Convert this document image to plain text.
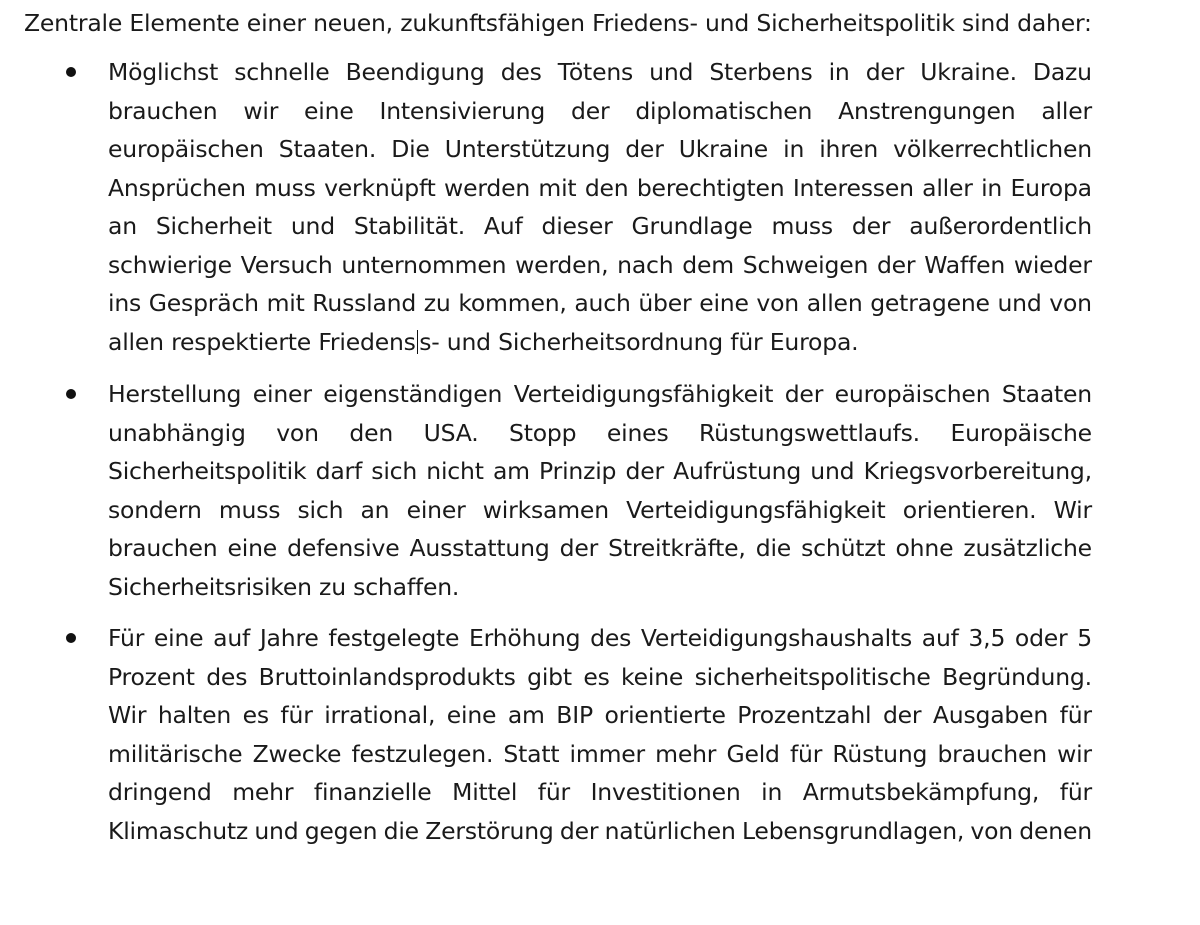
Zentrale Elemente einer neuen, zukunftsfähigen Friedens- und Sicherheitspolitik sind daher:
Möglichst schnelle Beendigung des Tötens und Sterbens in der Ukraine. Dazu
brauchen wir eine Intensivierung der diplomatischen Anstrengungen aller
europäischen Staaten. Die Unterstützung der Ukraine in ihren völkerrechtlichen
Ansprüchen muss verknüpft werden mit den berechtigten Interessen aller in Europa
an Sicherheit und Stabilität. Auf dieser Grundlage muss der außerordentlich
schwierige Versuch unternommen werden, nach dem Schweigen der Waffen wieder
ins Gespräch mit Russland zu kommen, auch über eine von allen getragene und von
allen respektierte Friedens s- und Sicherheitsordnung für Europa.
Herstellung einer eigenständigen Verteidigungsfähigkeit der europäischen Staaten
unabhängig von den USA. Stopp eines Rüstungswettlaufs. Europäische
Sicherheitspolitik darf sich nicht am Prinzip der Aufrüstung und Kriegsvorbereitung,
sondern muss sich an einer wirksamen Verteidigungsfähigkeit orientieren. Wir
brauchen eine defensive Ausstattung der Streitkräfte, die schützt ohne zusätzliche
Sicherheitsrisiken zu schaffen.
Für eine auf Jahre festgelegte Erhöhung des Verteidigungshaushalts auf 3,5 oder 5
Prozent des Bruttoinlandsprodukts gibt es keine sicherheitspolitische Begründung.
Wir halten es für irrational, eine am BIP orientierte Prozentzahl der Ausgaben für
militärische Zwecke festzulegen. Statt immer mehr Geld für Rüstung brauchen wir
dringend mehr finanzielle Mittel für Investitionen in Armutsbekämpfung, für
Klimaschutz und gegen die Zerstörung der natürlichen Lebensgrundlagen, von denen
